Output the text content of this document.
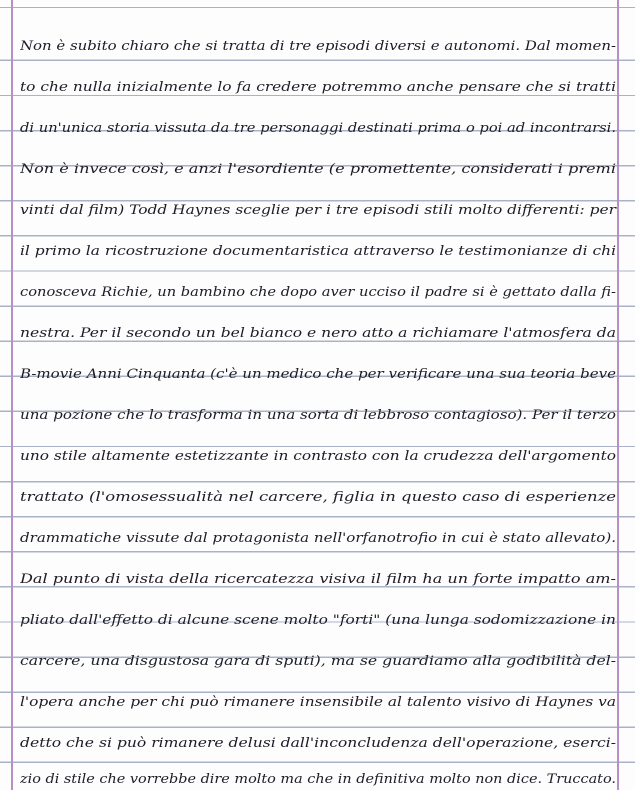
Non è subito chiaro che si tratta di tre episodi diversi e autonomi. Dal momen-
to che nulla inizialmente lo fa credere potremmo anche pensare che si tratti
di un'unica storia vissuta da tre personaggi destinati prima o poi ad incontrarsi.
Non è invece così, e anzi l'esordiente (e promettente, considerati i premi
vinti dal film) Todd Haynes sceglie per i tre episodi stili molto differenti: per
il primo la ricostruzione documentaristica attraverso le testimonianze di chi
conosceva Richie, un bambino che dopo aver ucciso il padre si è gettato dalla fi-
nestra. Per il secondo un bel bianco e nero atto a richiamare l'atmosfera da
B-movie Anni Cinquanta (c'è un medico che per verificare una sua teoria beve
una pozione che lo trasforma in una sorta di lebbroso contagioso). Per il terzo
uno stile altamente estetizzante in contrasto con la crudezza dell'argomento
trattato (l'omosessualità nel carcere, figlia in questo caso di esperienze
drammatiche vissute dal protagonista nell'orfanotrofio in cui è stato allevato).
Dal punto di vista della ricercatezza visiva il film ha un forte impatto am-
pliato dall'effetto di alcune scene molto "forti" (una lunga sodomizzazione in
carcere, una disgustosa gara di sputi), ma se guardiamo alla godibilità del-
l'opera anche per chi può rimanere insensibile al talento visivo di Haynes va
detto che si può rimanere delusi dall'inconcludenza dell'operazione, eserci-
zio di stile che vorrebbe dire molto ma che in definitiva molto non dice. Truccato.
